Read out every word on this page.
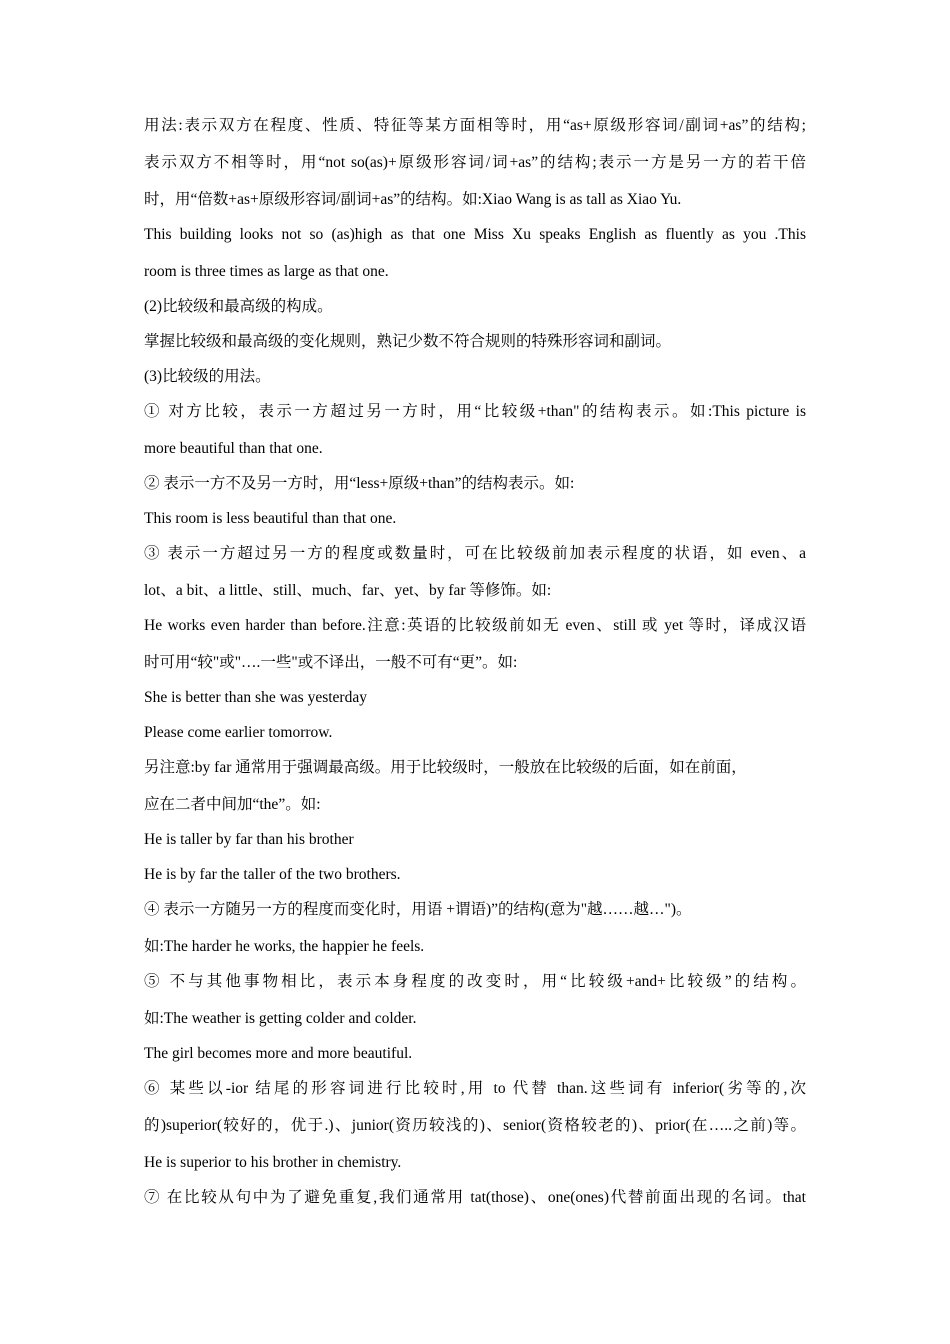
用法:表示双方在程度、性质、特征等某方面相等时，用“as+原级形容词/副词+as”的结构;

表示双方不相等时，用“not so(as)+原级形容词/词+as”的结构;表示一方是另一方的若干倍

时，用“倍数+as+原级形容词/副词+as”的结构。如:Xiao Wang is as tall as Xiao Yu.

This building looks not so (as)high as that one Miss Xu speaks English as fluently as you .This

room is three times as large as that one.

(2)比较级和最高级的构成。

掌握比较级和最高级的变化规则，熟记少数不符合规则的特殊形容词和副词。

(3)比较级的用法。

① 对方比较，表示一方超过另一方时，用“比较级+than"的结构表示。如:This picture is

more beautiful than that one.

② 表示一方不及另一方时，用“less+原级+than”的结构表示。如:

This room is less beautiful than that one.

③ 表示一方超过另一方的程度或数量时，可在比较级前加表示程度的状语，如 even、a

lot、a bit、a little、still、much、far、yet、by far 等修饰。如:

He works even harder than before.注意:英语的比较级前如无 even、still 或 yet 等时，译成汉语

时可用“较"或"….一些"或不译出，一般不可有“更”。如:

She is better than she was yesterday

Please come earlier tomorrow.

另注意:by far 通常用于强调最高级。用于比较级时，一般放在比较级的后面，如在前面，

应在二者中间加“the”。如:

He is taller by far than his brother

He is by far the taller of the two brothers.

④ 表示一方随另一方的程度而变化时，用语 +谓语)”的结构(意为"越……越…")。

如:The harder he works, the happier he feels.

⑤ 不与其他事物相比，表示本身程度的改变时，用“比较级+and+比较级”的结构。

如:The weather is getting colder and colder.

The girl becomes more and more beautiful.

⑥ 某些以-ior 结尾的形容词进行比较时,用 to 代替 than.这些词有 inferior(劣等的,次

的)superior(较好的，优于.)、junior(资历较浅的)、senior(资格较老的)、prior(在…..之前)等。

He is superior to his brother in chemistry.

⑦ 在比较从句中为了避免重复,我们通常用 tat(those)、one(ones)代替前面出现的名词。that
